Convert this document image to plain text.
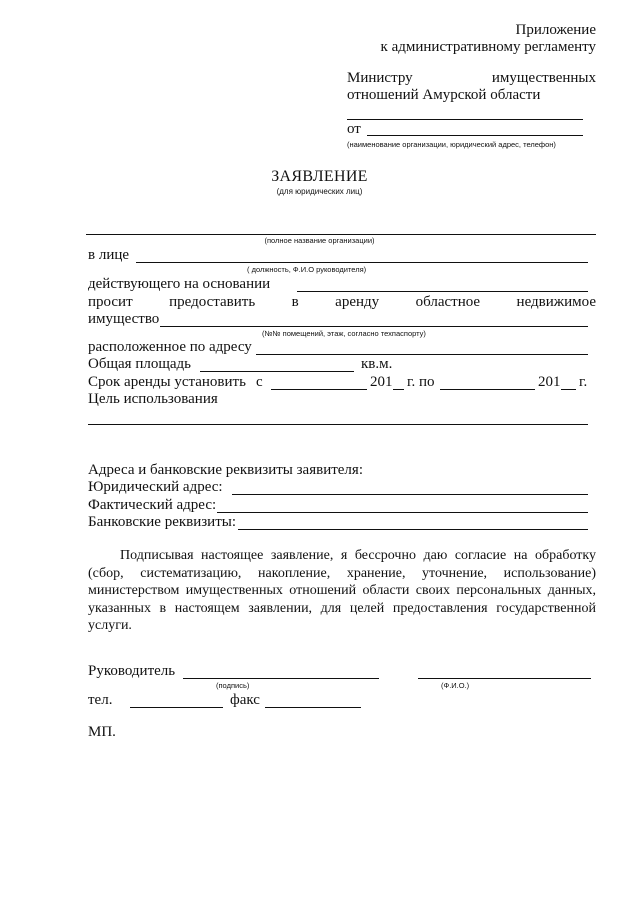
Приложение
к административному регламенту
Министру	имущественных
отношений Амурской области
от
(наименование организации, юридический адрес, телефон)
ЗАЯВЛЕНИЕ
(для юридических лиц)
(полное название организации)
в лице
( должность, Ф.И.О руководителя)
действующего на основании
просит предоставить в аренду областное недвижимое
имущество
(№№ помещений, этаж, согласно техпаспорту)
расположенное по адресу
Общая площадь	кв.м.
Срок аренды установить с	201 г. по	201 г.
Цель использования
Адреса и банковские реквизиты заявителя:
Юридический адрес:
Фактический адрес:
Банковские реквизиты:
Подписывая настоящее заявление, я бессрочно даю согласие на обработку
(сбор, систематизацию, накопление, хранение, уточнение, использование)
министерством имущественных отношений области своих персональных данных,
указанных в настоящем заявлении, для целей предоставления государственной
услуги.
Руководитель
(подпись)	(Ф.И.О.)
тел.	факс
МП.
